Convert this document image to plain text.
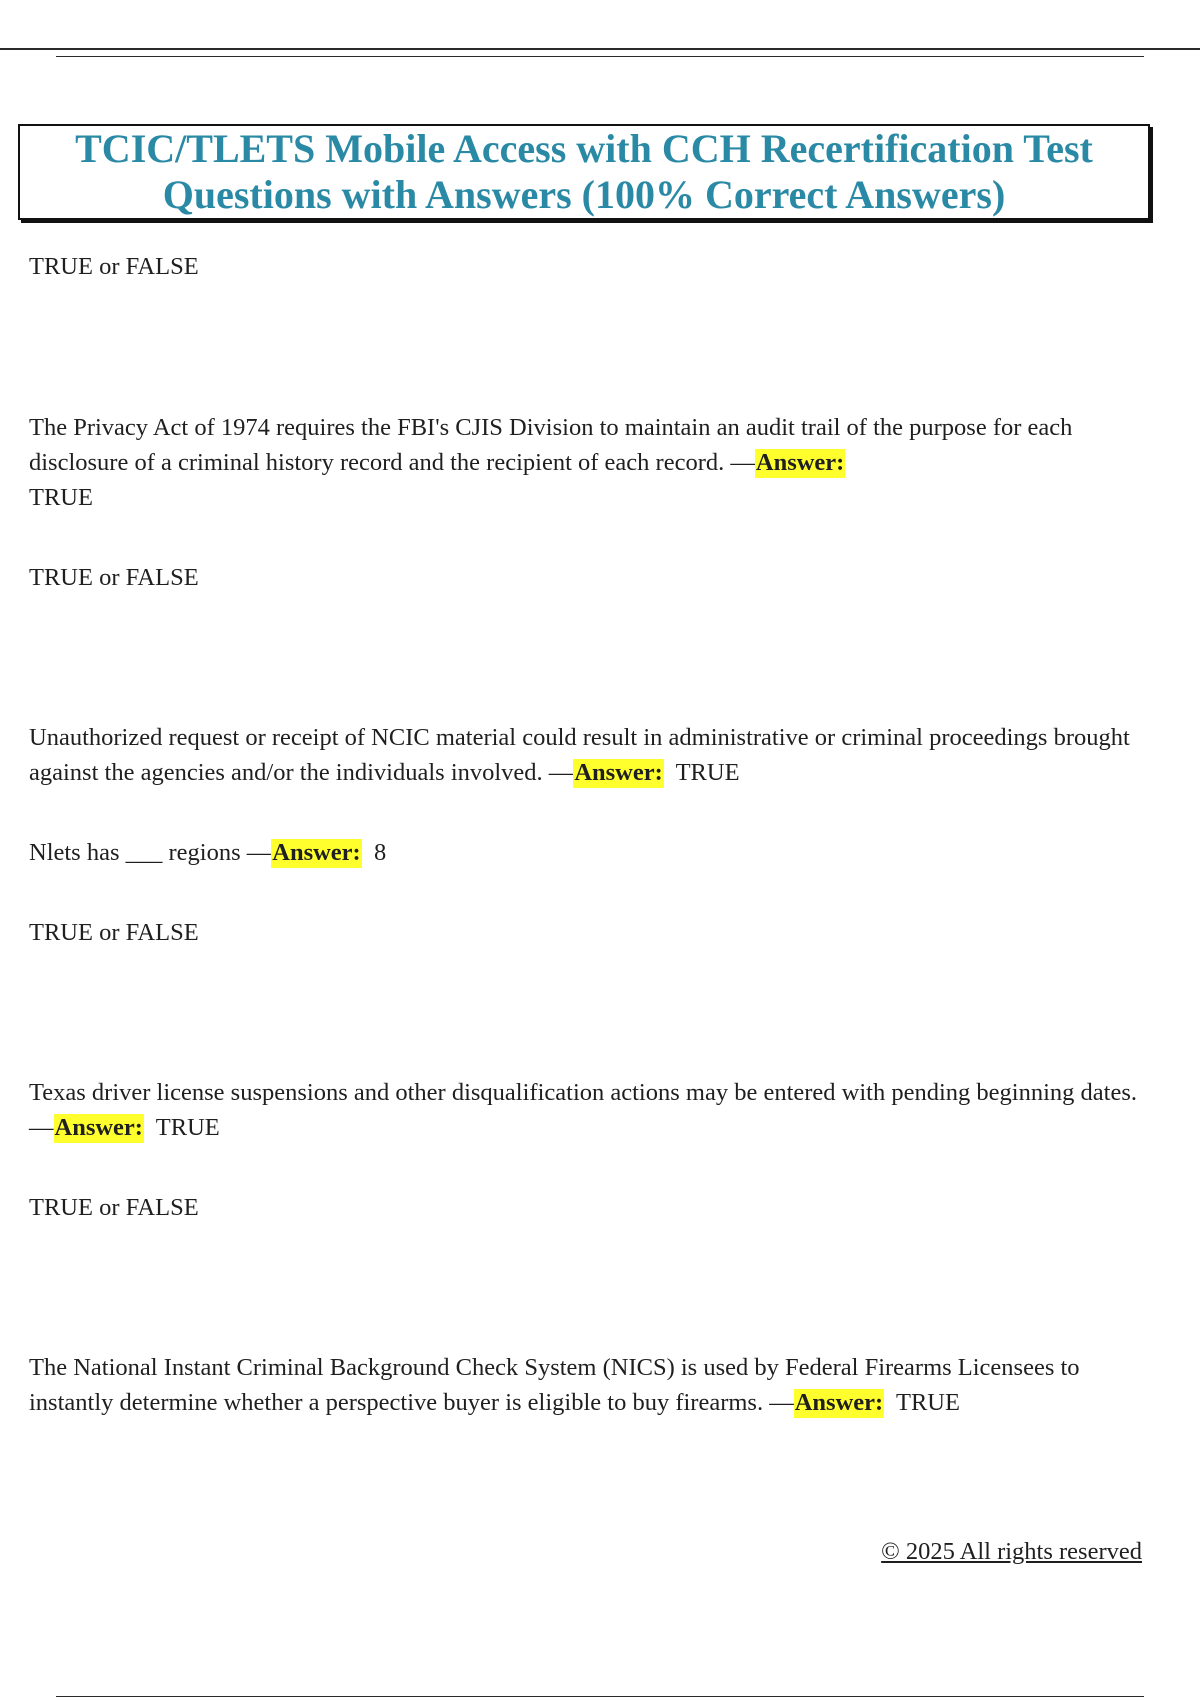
TCIC/TLETS Mobile Access with CCH Recertification Test Questions with Answers (100% Correct Answers)
TRUE or FALSE
The Privacy Act of 1974 requires the FBI's CJIS Division to maintain an audit trail of the purpose for each disclosure of a criminal history record and the recipient of each record. —Answer:
TRUE
TRUE or FALSE
Unauthorized request or receipt of NCIC material could result in administrative or criminal proceedings brought against the agencies and/or the individuals involved. —Answer: TRUE
Nlets has ___ regions —Answer: 8
TRUE or FALSE
Texas driver license suspensions and other disqualification actions may be entered with pending beginning dates. —Answer: TRUE
TRUE or FALSE
The National Instant Criminal Background Check System (NICS) is used by Federal Firearms Licensees to instantly determine whether a perspective buyer is eligible to buy firearms. —Answer: TRUE
© 2025 All rights reserved
